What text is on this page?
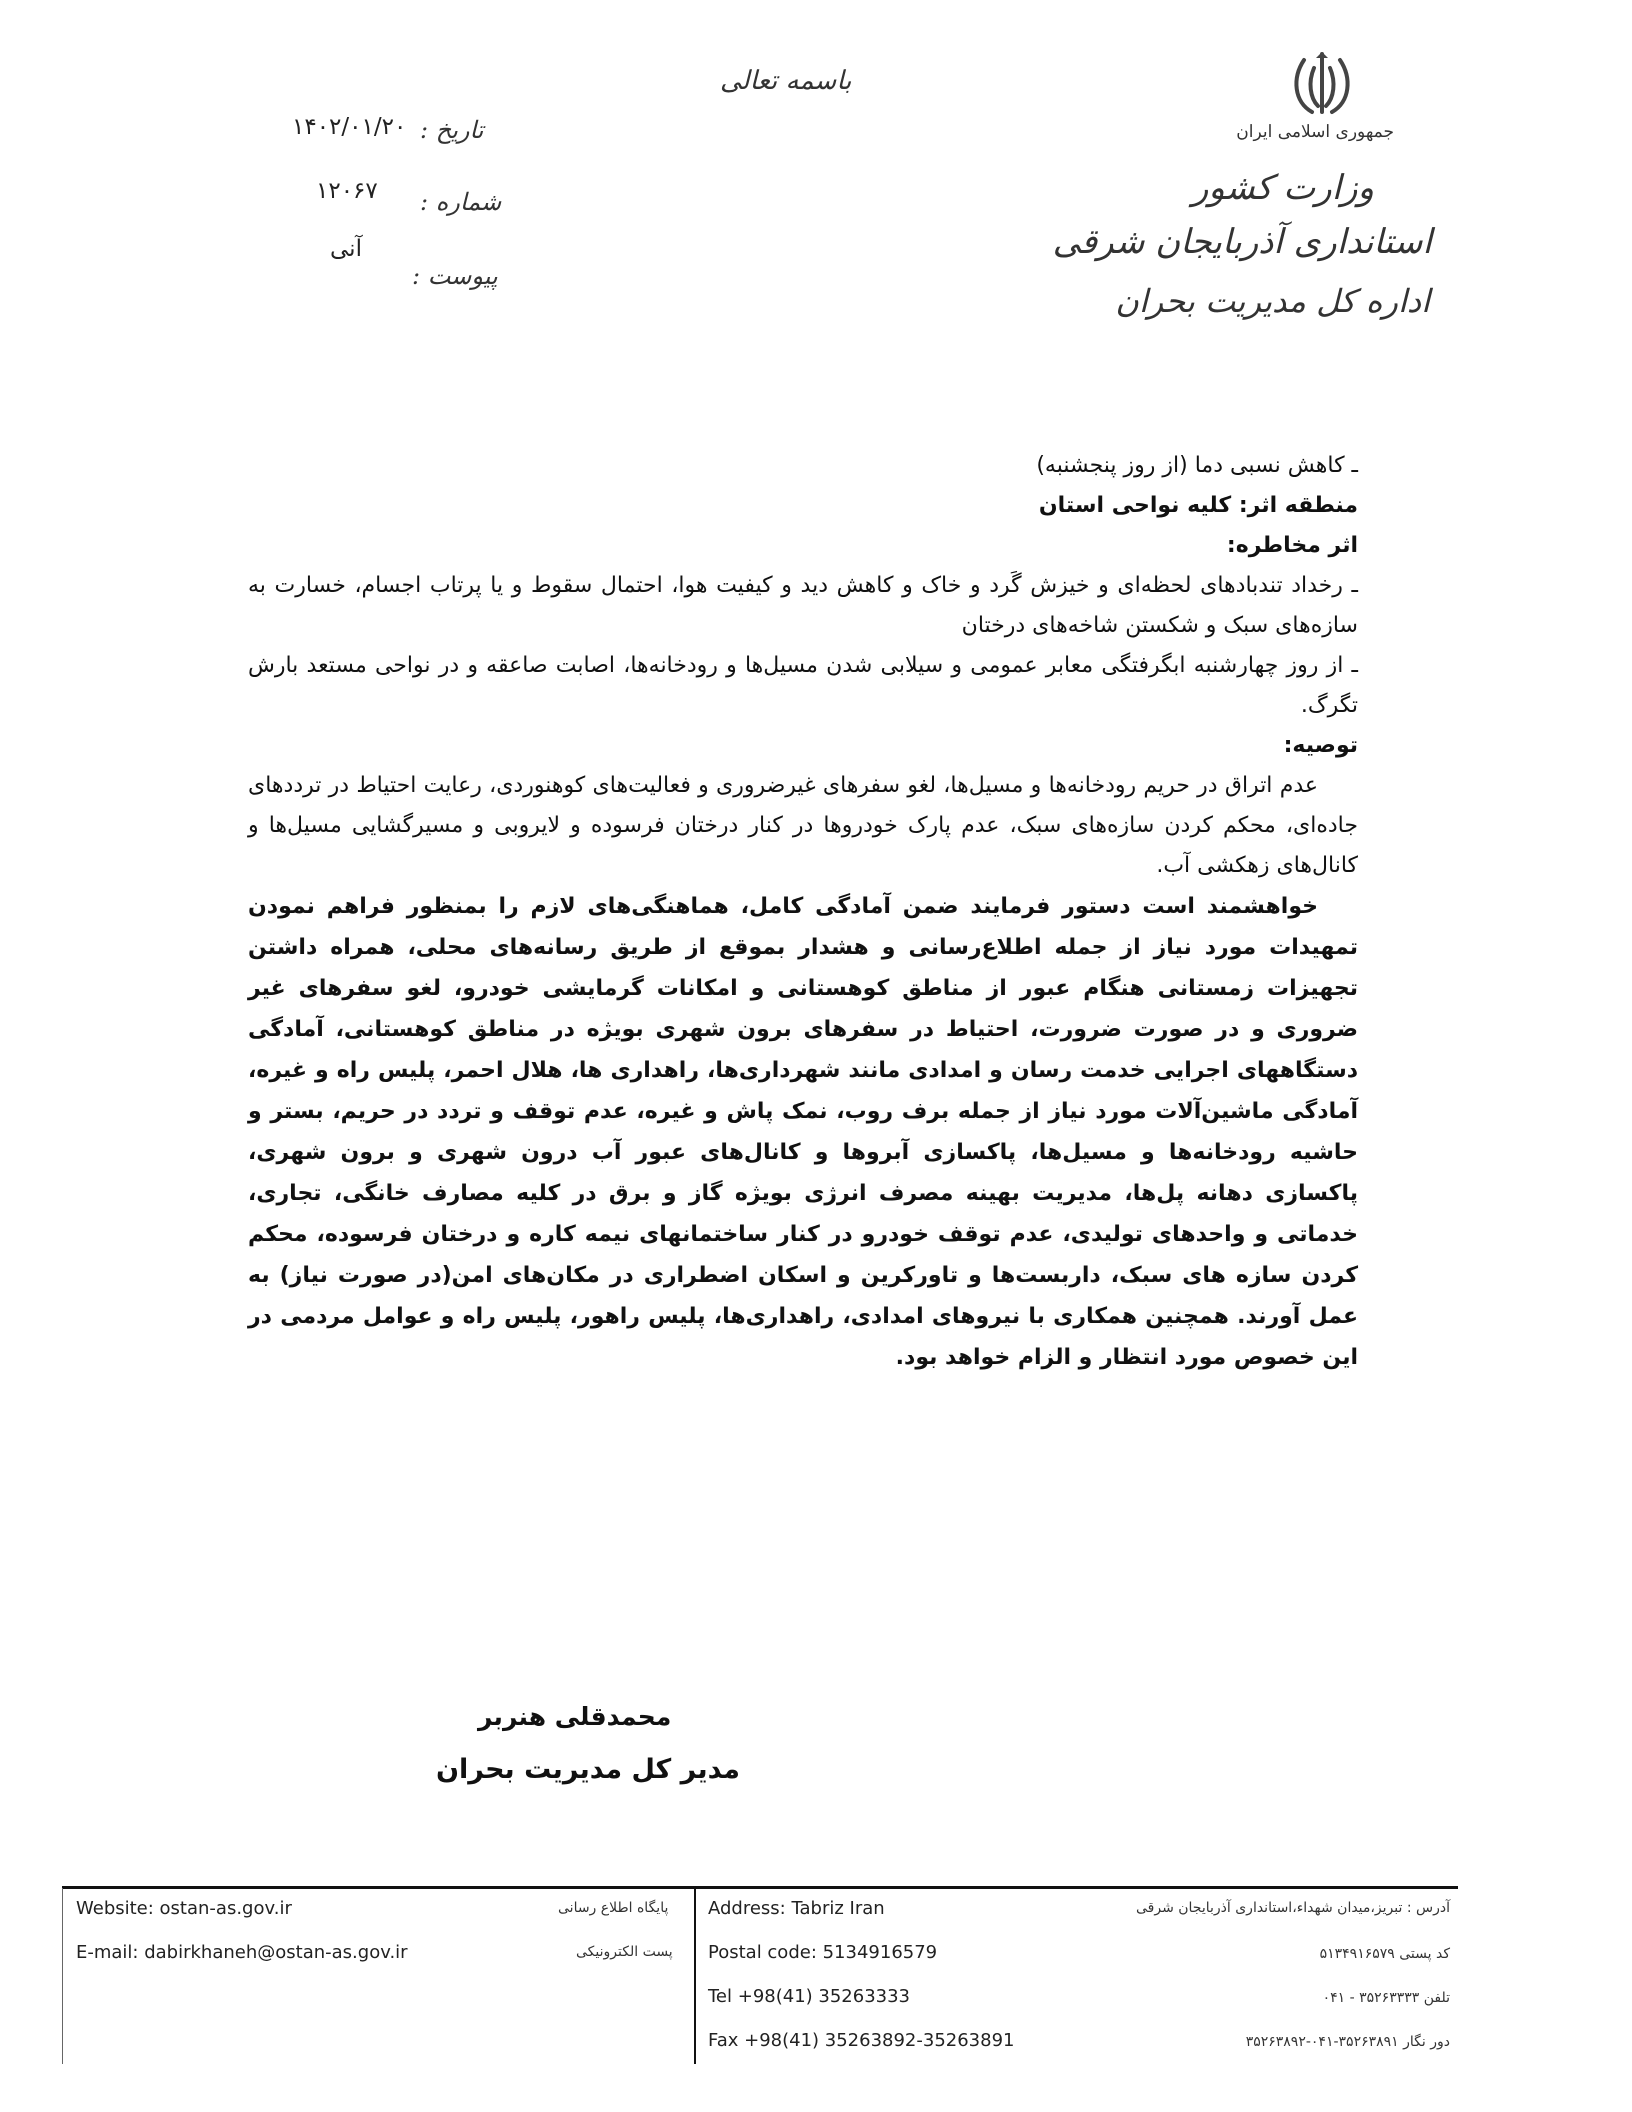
باسمه تعالی
جمهوری اسلامی ایران
وزارت کشور
استانداری آذربایجان شرقی
اداره کل مدیریت بحران
تاریخ :
۱۴۰۲/۰۱/۲۰
شماره :
۱۲۰۶۷
پیوست :
آنی

ـ کاهش نسبی دما (از روز پنجشنبه)

منطقه اثر: کلیه نواحی استان

اثر مخاطره:

ـ رخداد تندبادهای لحظه‌ای و خیزش گَرد و خاک و کاهش دید و کیفیت هوا، احتمال سقوط و یا پرتاب اجسام، خسارت به سازه‌های سبک و شکستن شاخه‌های درختان

ـ از روز چهارشنبه ابگرفتگی معابر عمومی و سیلابی شدن مسیل‌ها و رودخانه‌ها، اصابت صاعقه و در نواحی مستعد بارش تگرگ.

توصیه:

عدم اتراق در حریم رودخانه‌ها و مسیل‌ها، لغو سفرهای غیرضروری و فعالیت‌های کوهنوردی، رعایت احتیاط در ترددهای جاده‌ای، محکم کردن سازه‌های سبک، عدم پارک خودروها در کنار درختان فرسوده و لایروبی و مسیرگشایی مسیل‌ها و کانال‌های زهکشی آب.

خواهشمند است دستور فرمایند ضمن آمادگی کامل، هماهنگی‌های لازم را بمنظور فراهم نمودن تمهیدات مورد نیاز از جمله اطلاع‌رسانی و هشدار بموقع از طریق رسانه‌های محلی، همراه داشتن تجهیزات زمستانی هنگام عبور از مناطق کوهستانی و امکانات گرمایشی خودرو، لغو سفرهای غیر ضروری و در صورت ضرورت، احتیاط در سفرهای برون شهری بویژه در مناطق کوهستانی، آمادگی دستگاههای اجرایی خدمت رسان و امدادی مانند شهرداری‌ها، راهداری ها، هلال احمر، پلیس راه و غیره، آمادگی ماشین‌آلات مورد نیاز از جمله برف روب، نمک پاش و غیره، عدم توقف و تردد در حریم، بستر و حاشیه رودخانه‌ها و مسیل‌ها، پاکسازی آبروها و کانال‌های عبور آب درون شهری و برون شهری، پاکسازی دهانه پل‌ها، مدیریت بهینه مصرف انرژی بویژه گاز و برق در کلیه مصارف خانگی، تجاری، خدماتی و واحدهای تولیدی، عدم توقف خودرو در کنار ساختمانهای نیمه کاره و درختان فرسوده، محکم کردن سازه های سبک، داربست‌ها و تاورکرین و اسکان اضطراری در مکان‌های امن(در صورت نیاز) به عمل آورند. همچنین همکاری با نیروهای امدادی، راهداری‌ها، پلیس راهور، پلیس راه و عوامل مردمی در این خصوص مورد انتظار و الزام خواهد بود.

محمدقلی هنربر
مدیر کل مدیریت بحران
Website: ostan-as.gov.ir	پایگاه اطلاع رسانی
E-mail: dabirkhaneh@ostan-as.gov.ir	پست الکترونیکی
Address: Tabriz Iran
Postal code: 5134916579
Tel +98(41) 35263333
Fax +98(41) 35263892-35263891
آدرس : تبریز،میدان شهداء،استانداری آذربایجان شرقی
کد پستی ۵۱۳۴۹۱۶۵۷۹
تلفن ۳۵۲۶۳۳۳۳ - ۰۴۱
دور نگار ۳۵۲۶۳۸۹۱-۰۴۱-۳۵۲۶۳۸۹۲
